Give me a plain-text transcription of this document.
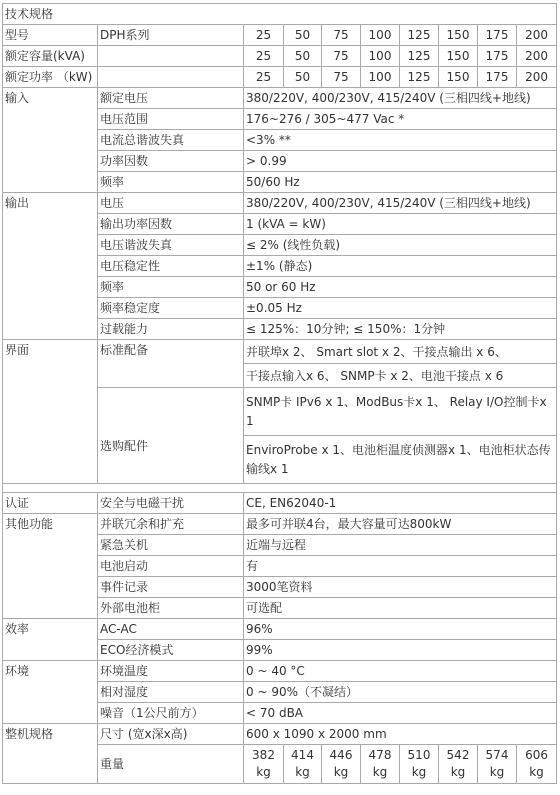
技术规格									
型号	DPH系列	25	50	75	100	125	150	175	200
额定容量(kVA)		25	50	75	100	125	150	175	200
额定功率 （kW)		25	50	75	100	125	150	175	200
输入	额定电压	380/220V, 400/230V, 415/240V (三相四线+地线)							
	电压范围	176~276 / 305~477 Vac *							
	电流总谐波失真	<3% **							
	功率因数	> 0.99							
	频率	50/60 Hz							
输出	电压	380/220V, 400/230V, 415/240V (三相四线+地线)							
	输出功率因数	1 (kVA = kW)							
	电压谐波失真	≤ 2% (线性负载)							
	电压稳定性	±1% (静态)							
	频率	50 or 60 Hz							
	频率稳定度	±0.05 Hz							
	过载能力	≤ 125%：10分钟; ≤ 150%：1分钟							
界面	标准配备	并联埠x 2、 Smart slot x 2、干接点输出 x 6、							
		干接点输入x 6、 SNMP卡 x 2、电池干接点 x 6							
	选购配件	SNMP卡 IPv6 x 1、ModBus卡x 1、 Relay I/O控制卡x 1							
		EnviroProbe x 1、电池柜温度侦测器x 1、电池柜状态传输线x 1							

认证	安全与电磁干扰	CE, EN62040-1							
其他功能	并联冗余和扩充	最多可并联4台，最大容量可达800kW							
	紧急关机	近端与远程							
	电池启动	有							
	事件记录	3000笔资料							
	外部电池柜	可选配							
效率	AC-AC	96%							
	ECO经济模式	99%							
环境	环境温度	0 ~ 40 °C							
	相对湿度	0 ~ 90%（不凝结）							
	噪音（1公尺前方）	< 70 dBA							
整机规格	尺寸 (宽x深x高)	600 x 1090 x 2000 mm							
	重量	382 kg	414 kg	446 kg	478 kg	510 kg	542 kg	574 kg	606 kg
